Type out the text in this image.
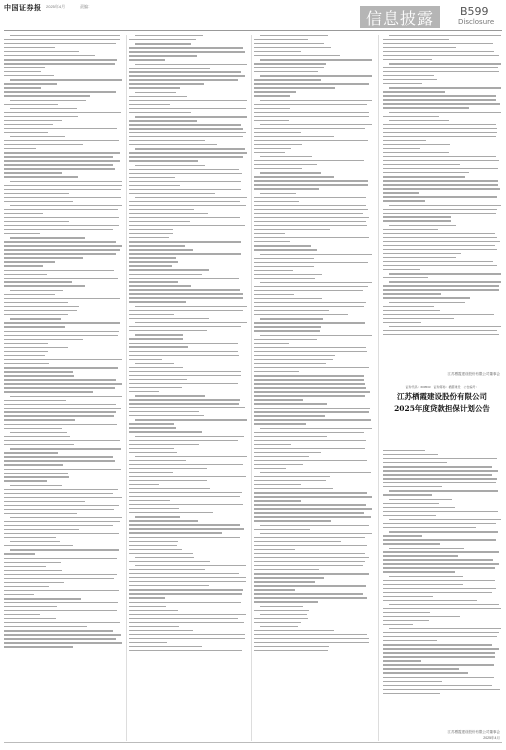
中国证券报 2025年4月	责编：
信息披露	B599
Disclosure
江苏栖霞建设股份有限公司董事会
证券代码：600533　证券简称：栖霞建设　公告编号：
江苏栖霞建设股份有限公司
2025年度贷款担保计划公告
江苏栖霞建设股份有限公司董事会
2025年4月
